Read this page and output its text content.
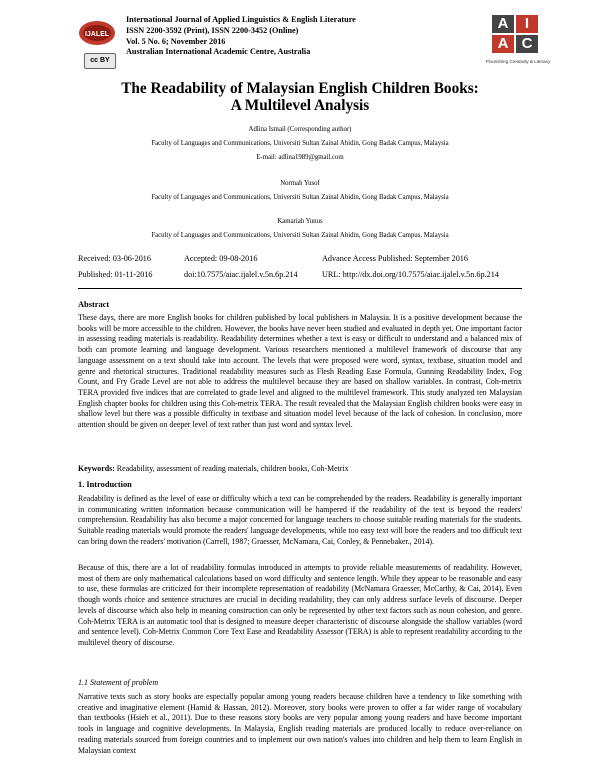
IJALEL
cc BY
International Journal of Applied Linguistics & English Literature
ISSN 2200-3592 (Print), ISSN 2200-3452 (Online)
Vol. 5 No. 6; November 2016
Australian International Academic Centre, Australia
A	I
A C
Flourishing Creativity & Literacy
The Readability of Malaysian English Children Books:
A Multilevel Analysis
Adlina Ismail (Corresponding author)
Faculty of Languages and Communications, Universiti Sultan Zainal Abidin, Gong Badak Campus, Malaysia
E-mail: adlina1989@gmail.com
Normah Yusof
Faculty of Languages and Communications, Universiti Sultan Zainal Abidin, Gong Badak Campus, Malaysia
Kamariah Yunus
Faculty of Languages and Communications, Universiti Sultan Zainal Abidin, Gong Badak Campus, Malaysia
Received: 03-06-2016	Accepted: 09-08-2016	Advance Access Published: September 2016
Published: 01-11-2016	doi:10.7575/aiac.ijalel.v.5n.6p.214	URL: http://dx.doi.org/10.7575/aiac.ijalel.v.5n.6p.214
Abstract

These days, there are more English books for children published by local publishers in Malaysia. It is a positive development because the books will be more accessible to the children. However, the books have never been studied and evaluated in depth yet. One important factor in assessing reading materials is readability. Readability determines whether a text is easy or difficult to understand and a balanced mix of both can promote learning and language development. Various researchers mentioned a multilevel framework of discourse that any language assessment on a text should take into account. The levels that were proposed were word, syntax, textbase, situation model and genre and rhetorical structures. Traditional readability measures such as Flesh Reading Ease Formula, Gunning Readability Index, Fog Count, and Fry Grade Level are not able to address the multilevel because they are based on shallow variables. In contrast, Coh-metrix TERA provided five indices that are correlated to grade level and aligned to the multilevel framework. This study analyzed ten Malaysian English chapter books for children using this Coh-metrix TERA. The result revealed that the Malaysian English children books were easy in shallow level but there was a possible difficulty in textbase and situation model level because of the lack of cohesion. In conclusion, more attention should be given on deeper level of text rather than just word and syntax level.

Keywords: Readability, assessment of reading materials, children books, Coh-Metrix

1. Introduction

Readability is defined as the level of ease or difficulty which a text can be comprehended by the readers. Readability is generally important in communicating written information because communication will be hampered if the readability of the text is beyond the readers' comprehension. Readability has also become a major concerned for language teachers to choose suitable reading materials for the students. Suitable reading materials would promote the readers' language developments, while too easy text will bore the readers and too difficult text can bring down the readers' motivation (Carrell, 1987; Graesser, McNamara, Cai, Conley, & Pennebaker., 2014).

Because of this, there are a lot of readability formulas introduced in attempts to provide reliable measurements of readability. However, most of them are only mathematical calculations based on word difficulty and sentence length. While they appear to be reasonable and easy to use, these formulas are criticized for their incomplete representation of readability (McNamara Graesser, McCarthy, & Cai, 2014). Even though words choice and sentence structures are crucial in deciding readability, they can only address surface levels of discourse. Deeper levels of discourse which also help in meaning construction can only be represented by other text factors such as noun cohesion, and genre. Coh-Metrix TERA is an automatic tool that is designed to measure deeper characteristic of discourse alongside the shallow variables (word and sentence level). Coh-Metrix Common Core Text Ease and Readability Assessor (TERA) is able to represent readability according to the multilevel theory of discourse.

1.1 Statement of problem

Narrative texts such as story books are especially popular among young readers because children have a tendency to like something with creative and imaginative element (Hamid & Hassan, 2012). Moreover, story books were proven to offer a far wider range of vocabulary than textbooks (Hsieh et al., 2011). Due to these reasons story books are very popular among young readers and have become important tools in language and cognitive developments. In Malaysia, English reading materials are produced locally to reduce over-reliance on reading materials sourced from foreign countries and to implement our own nation's values into children and help them to learn English in Malaysian context
